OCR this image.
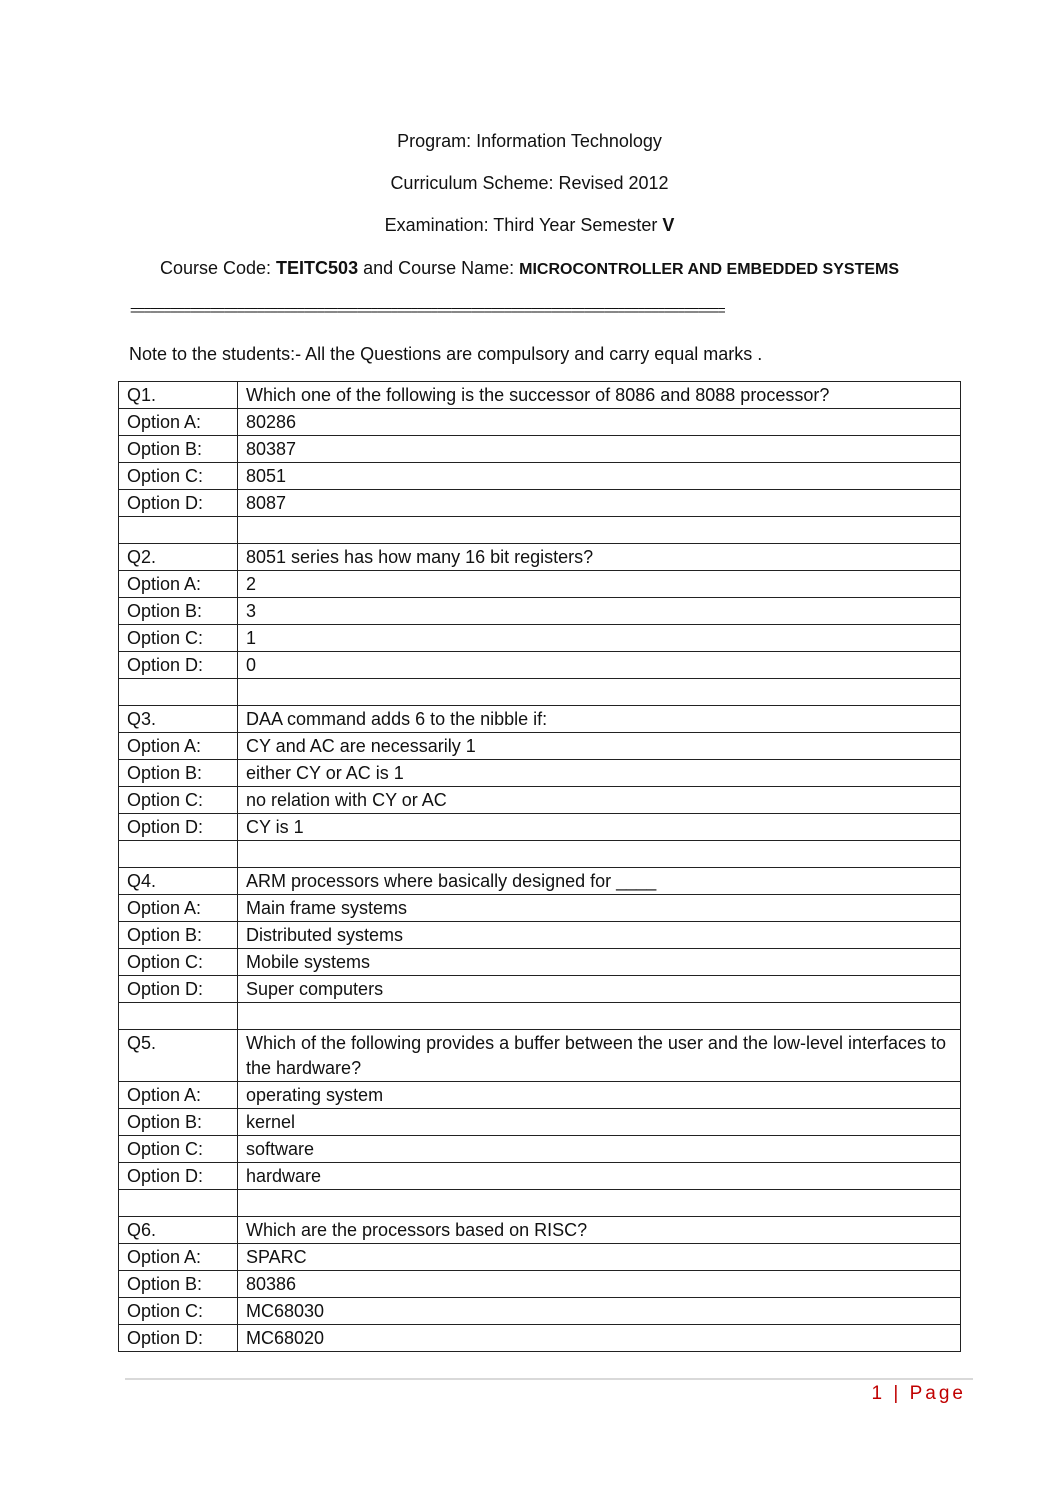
Program: Information Technology
Curriculum Scheme: Revised 2012
Examination: Third Year Semester V
Course Code: TEITC503 and Course Name: MICROCONTROLLER AND EMBEDDED SYSTEMS
=========================================================================================
Note to the students:- All the Questions are compulsory and carry equal marks .
Q1.	Which one of the following is the successor of 8086 and 8088 processor?
Option A:	80286
Option B:	80387
Option C:	8051
Option D:	8087

Q2.	8051 series has how many 16 bit registers?
Option A:	2
Option B:	3
Option C:	1
Option D:	0

Q3.	DAA command adds 6 to the nibble if:
Option A:	CY and AC are necessarily 1
Option B:	either CY or AC is 1
Option C:	no relation with CY or AC
Option D:	CY is 1

Q4.	ARM processors where basically designed for ____
Option A:	Main frame systems
Option B:	Distributed systems
Option C:	Mobile systems
Option D:	Super computers

Q5.	Which of the following provides a buffer between the user and the low-level interfaces to the hardware?
Option A:	operating system
Option B:	kernel
Option C:	software
Option D:	hardware

Q6.	Which are the processors based on RISC?
Option A:	SPARC
Option B:	80386
Option C:	MC68030
Option D:	MC68020
1 | Page
